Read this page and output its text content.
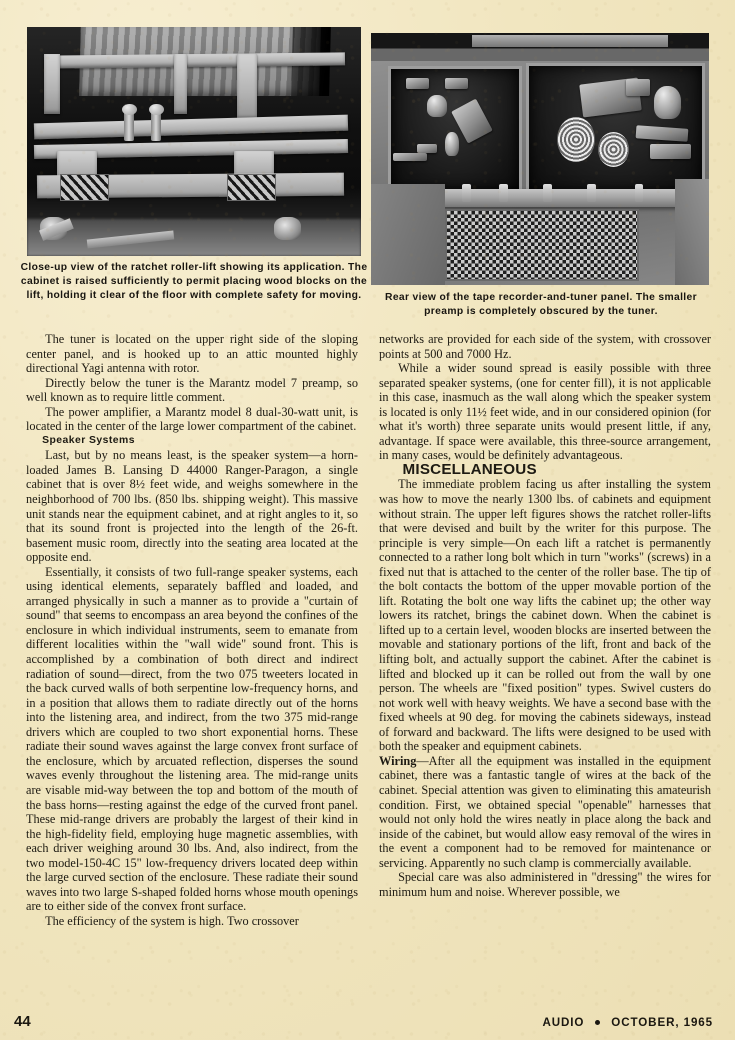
Close-up view of the ratchet roller-lift showing its application. The cabinet is raised sufficiently to permit placing wood blocks on the lift, holding it clear of the floor with complete safety for moving.	Rear view of the tape recorder-and-tuner panel. The smaller preamp is completely obscured by the tuner.

The tuner is located on the upper right side of the sloping center panel, and is hooked up to an attic mounted highly directional Yagi antenna with rotor.

Directly below the tuner is the Marantz model 7 preamp, so well known as to require little comment.

The power amplifier, a Marantz model 8 dual-30-watt unit, is located in the center of the large lower compartment of the cabinet.

Speaker Systems

Last, but by no means least, is the speaker system—a horn-loaded James B. Lansing D 44000 Ranger-Paragon, a single cabinet that is over 8½ feet wide, and weighs somewhere in the neighborhood of 700 lbs. (850 lbs. shipping weight). This massive unit stands near the equipment cabinet, and at right angles to it, so that its sound front is projected into the length of the 26-ft. basement music room, directly into the seating area located at the opposite end.

Essentially, it consists of two full-range speaker systems, each using identical elements, separately baffled and loaded, and arranged physically in such a manner as to provide a "curtain of sound" that seems to encompass an area beyond the confines of the enclosure in which individual instruments, seem to emanate from different localities within the "wall wide" sound front. This is accomplished by a combination of both direct and indirect radiation of sound—direct, from the two 075 tweeters located in the back curved walls of both serpentine low-frequency horns, and in a position that allows them to radiate directly out of the horns into the listening area, and indirect, from the two 375 mid-range drivers which are coupled to two short exponential horns. These radiate their sound waves against the large convex front surface of the enclosure, which by arcuated reflection, disperses the sound waves evenly throughout the listening area. The mid-range units are visable mid-way between the top and bottom of the mouth of the bass horns—resting against the edge of the curved front panel. These mid-range drivers are probably the largest of their kind in the high-fidelity field, employing huge magnetic assemblies, with each driver weighing around 30 lbs. And, also indirect, from the two model-150-4C 15" low-frequency drivers located deep within the large curved section of the enclosure. These radiate their sound waves into two large S-shaped folded horns whose mouth openings are to either side of the convex front surface.

The efficiency of the system is high. Two crossover

networks are provided for each side of the system, with crossover points at 500 and 7000 Hz.

While a wider sound spread is easily possible with three separated speaker systems, (one for center fill), it is not applicable in this case, inasmuch as the wall along which the speaker system is located is only 11½ feet wide, and in our considered opinion (for what it's worth) three separate units would present little, if any, advantage. If space were available, this three-source arrangement, in many cases, would be definitely advantageous.

MISCELLANEOUS

The immediate problem facing us after installing the system was how to move the nearly 1300 lbs. of cabinets and equipment without strain. The upper left figures shows the ratchet roller-lifts that were devised and built by the writer for this purpose. The principle is very simple—On each lift a ratchet is permanently connected to a rather long bolt which in turn "works" (screws) in a fixed nut that is attached to the center of the roller base. The tip of the bolt contacts the bottom of the upper movable portion of the lift. Rotating the bolt one way lifts the cabinet up; the other way lowers its ratchet, brings the cabinet down. When the cabinet is lifted up to a certain level, wooden blocks are inserted between the movable and stationary portions of the lift, front and back of the lifting bolt, and actually support the cabinet. After the cabinet is lifted and blocked up it can be rolled out from the wall by one person. The wheels are "fixed position" types. Swivel custers do not work well with heavy weights. We have a second base with the fixed wheels at 90 deg. for moving the cabinets sideways, instead of forward and backward. The lifts were designed to be used with both the speaker and equipment cabinets.

Wiring—After all the equipment was installed in the equipment cabinet, there was a fantastic tangle of wires at the back of the cabinet. Special attention was given to eliminating this amateurish condition. First, we obtained special "openable" harnesses that would not only hold the wires neatly in place along the back and inside of the cabinet, but would allow easy removal of the wires in the event a component had to be removed for maintenance or servicing. Apparently no such clamp is commercially available.

Special care was also administered in "dressing" the wires for minimum hum and noise. Wherever possible, we

44	AUDIO OCTOBER, 1965
